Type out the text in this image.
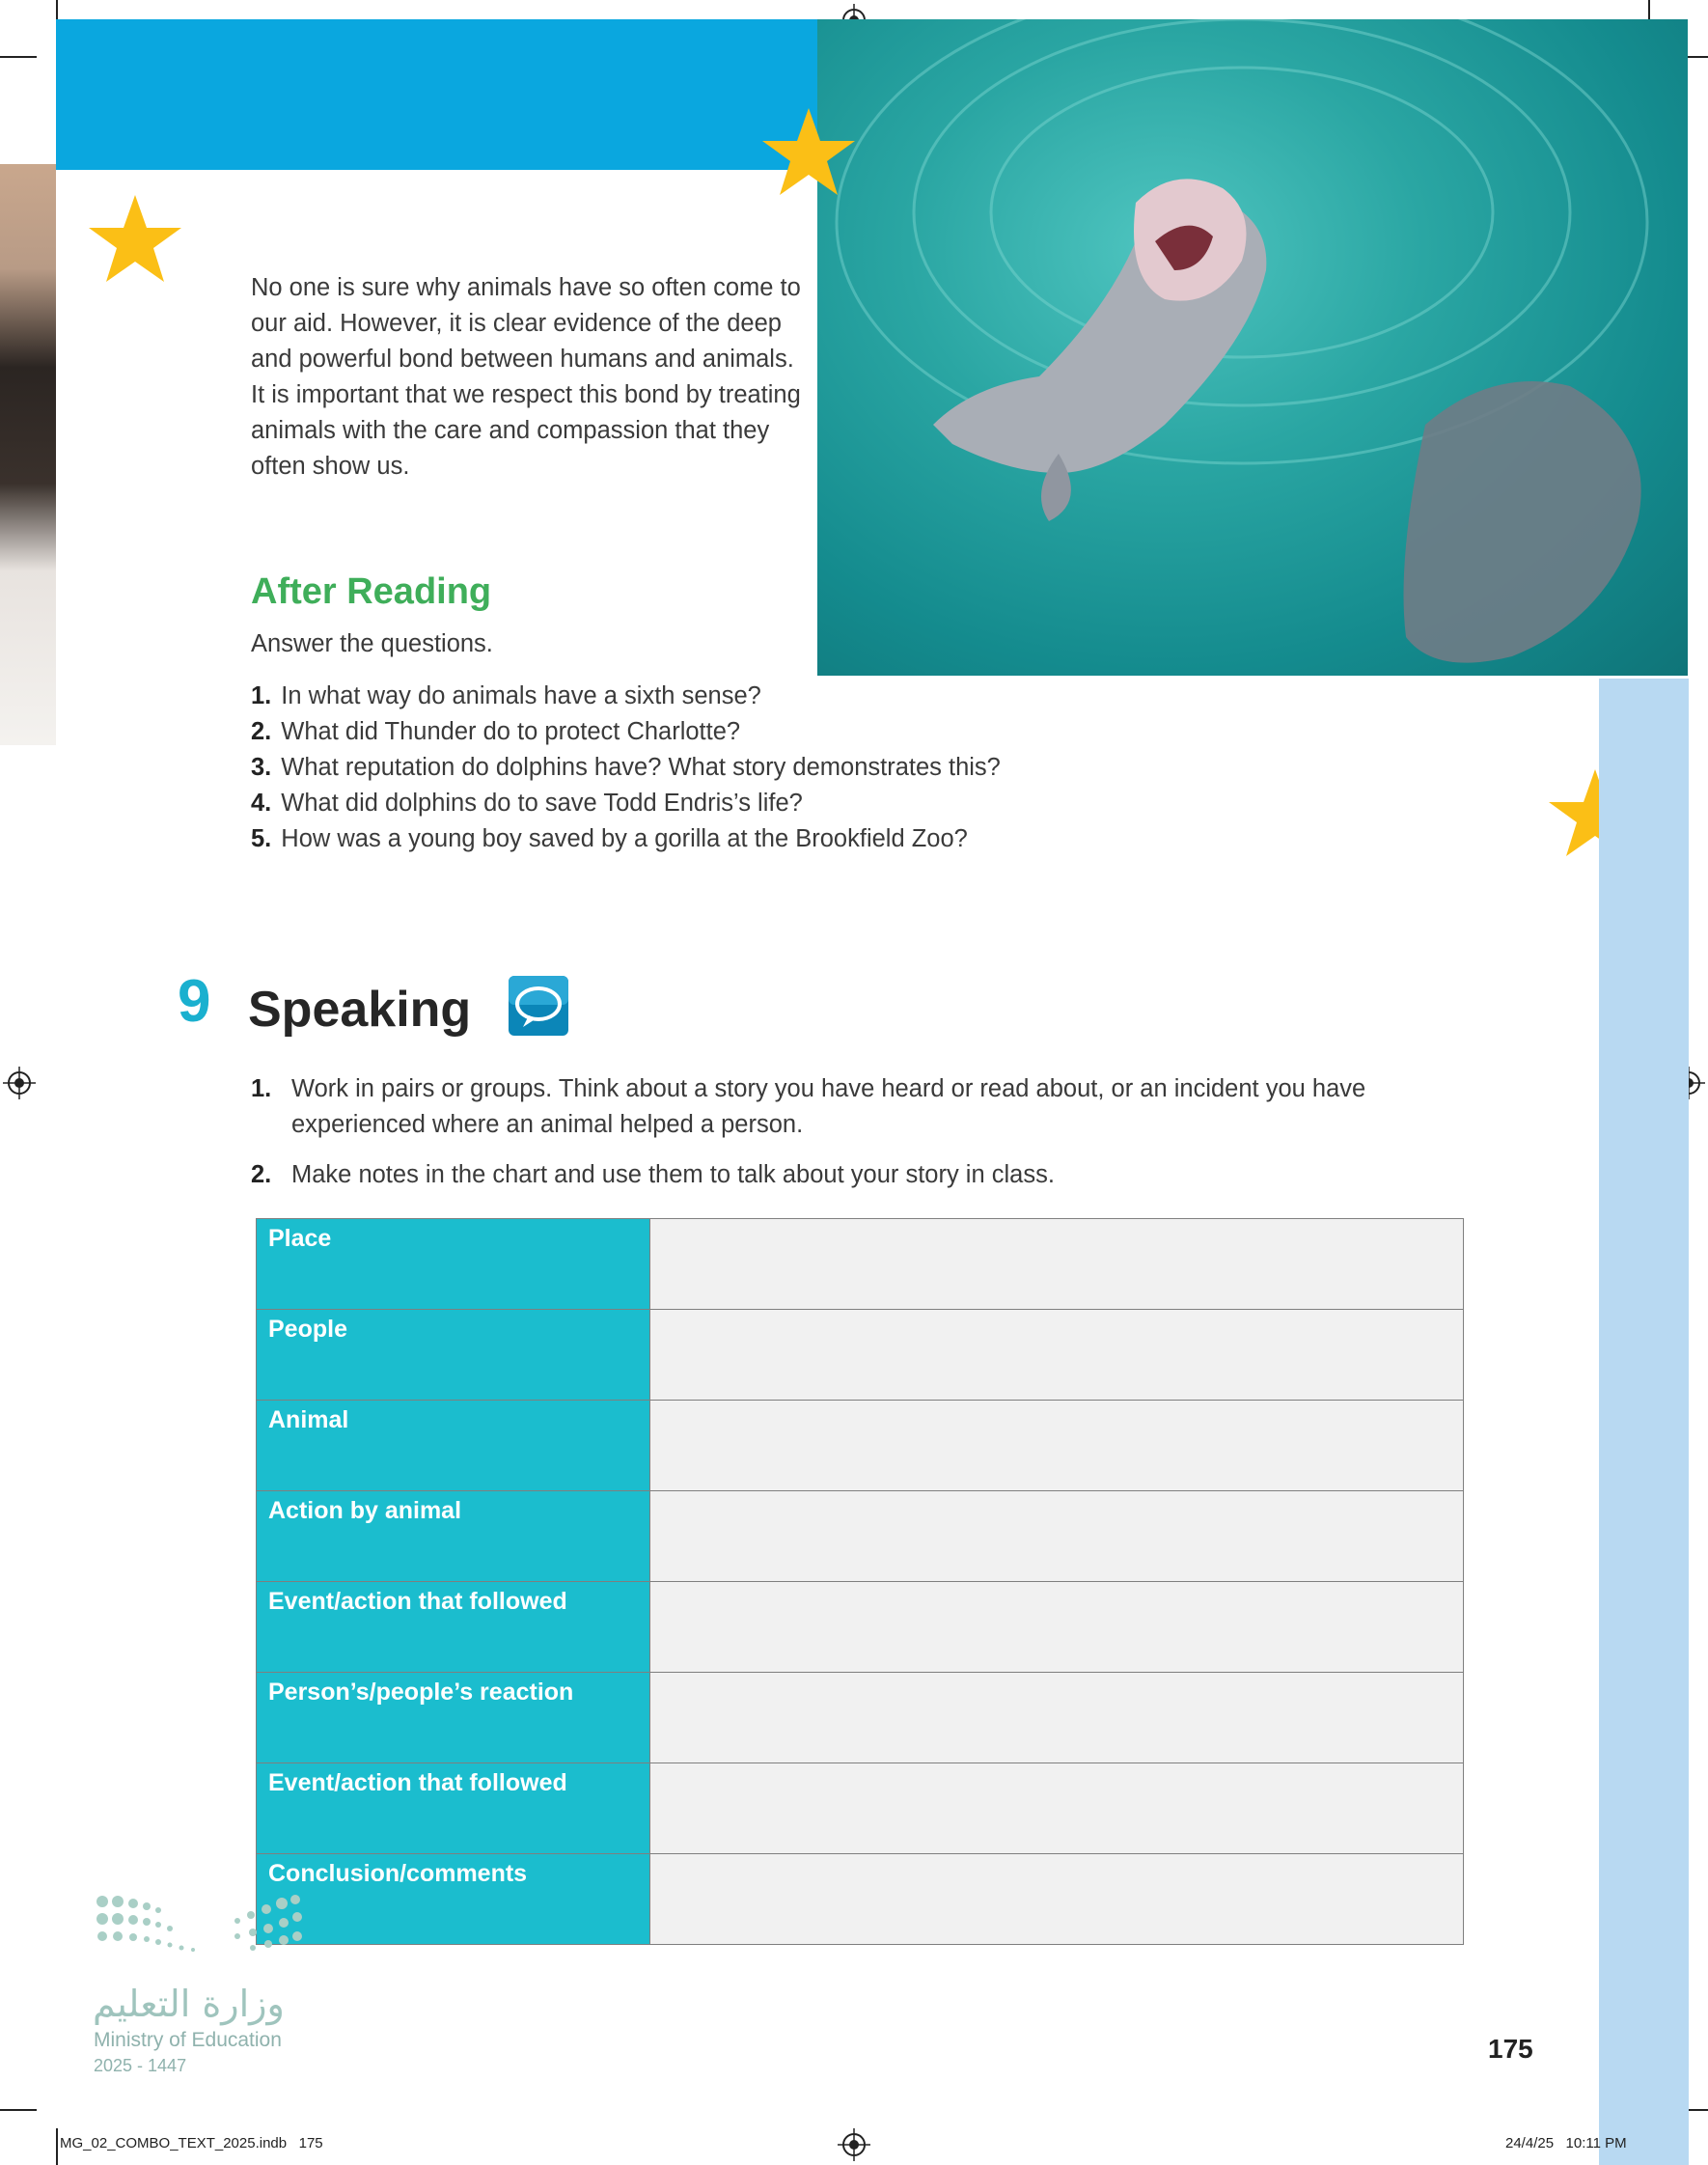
No one is sure why animals have so often come to our aid. However, it is clear evidence of the deep and powerful bond between humans and animals. It is important that we respect this bond by treating animals with the care and compassion that they often show us.

After Reading
Answer the questions.
1. In what way do animals have a sixth sense?
2. What did Thunder do to protect Charlotte?
3. What reputation do dolphins have? What story demonstrates this?
4. What did dolphins do to save Todd Endris’s life?
5. How was a young boy saved by a gorilla at the Brookfield Zoo?
9 Speaking
1. Work in pairs or groups. Think about a story you have heard or read about, or an incident you have experienced where an animal helped a person.
2. Make notes in the chart and use them to talk about your story in class.
Place	
People	
Animal	
Action by animal	
Event/action that followed	
Person’s/people’s reaction	
Event/action that followed	
Conclusion/comments	
وزارة التعليم
Ministry of Education
2025 - 1447
175
MG_02_COMBO_TEXT_2025.indb   175	24/4/25   10:11 PM
